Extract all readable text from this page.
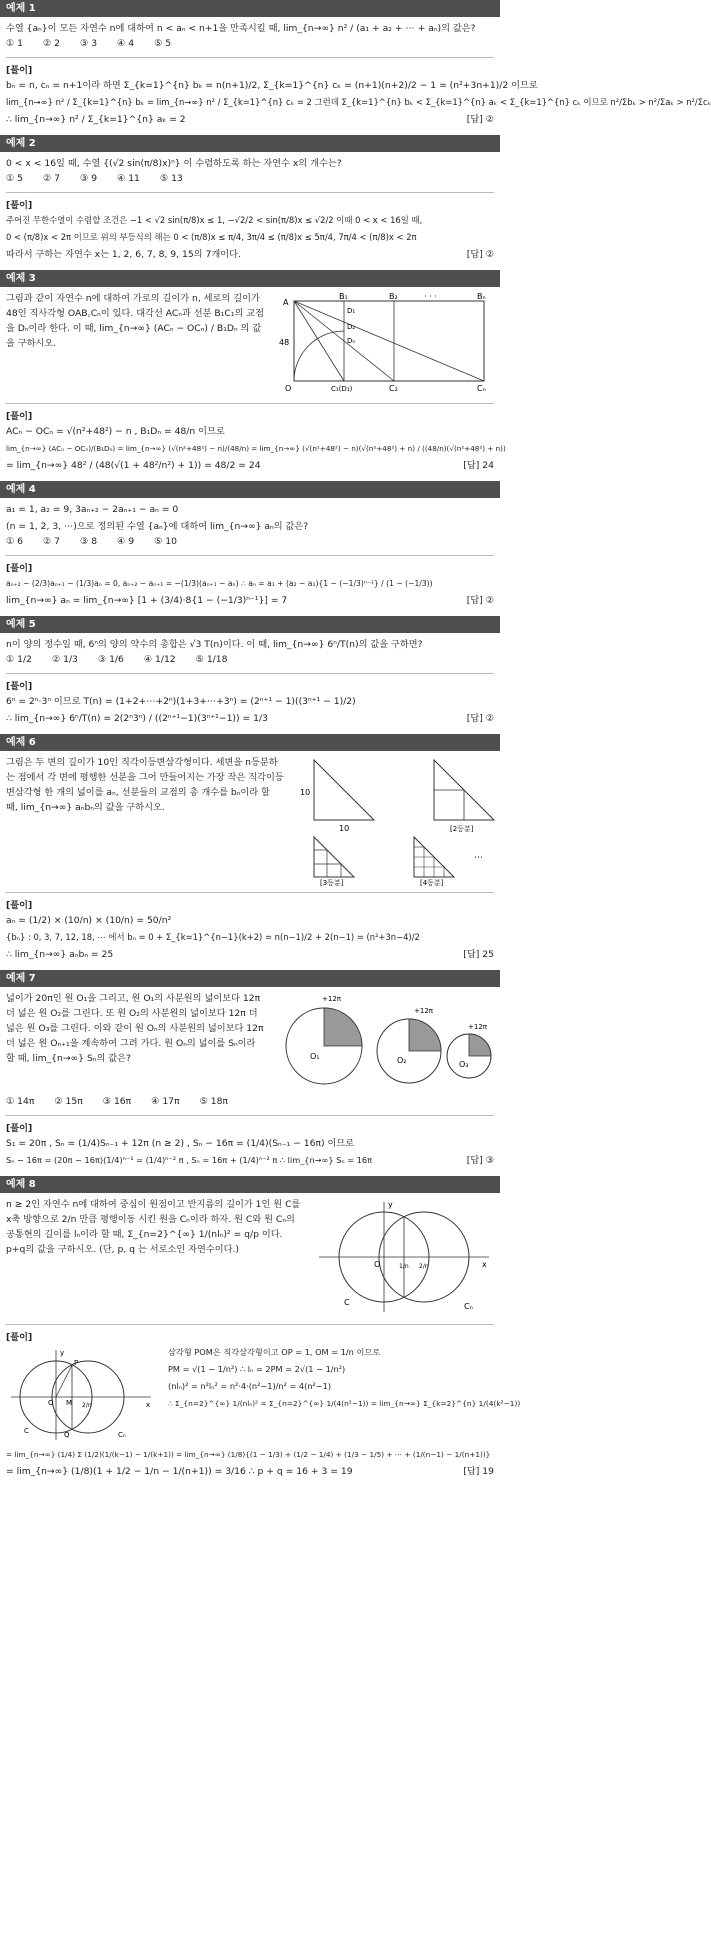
예제 1
수열 {aₙ}이 모든 자연수 n에 대하여 n < aₙ < n+1을 만족시킬 때, lim_{n→∞} n² / (a₁ + a₂ + ⋯ + aₙ)의 값은?
① 1 ② 2 ③ 3 ④ 4 ⑤ 5
[풀이]
bₙ = n, cₙ = n+1이라 하면 Σ_{k=1}^{n} bₖ = n(n+1)/2, Σ_{k=1}^{n} cₖ = (n+1)(n+2)/2 − 1 = (n²+3n+1)/2 이므로
lim_{n→∞} n² / Σ_{k=1}^{n} bₖ = lim_{n→∞} n² / Σ_{k=1}^{n} cₖ = 2 그런데 Σ_{k=1}^{n} bₖ < Σ_{k=1}^{n} aₖ < Σ_{k=1}^{n} cₖ 이므로 n²/Σbₖ > n²/Σaₖ > n²/Σcₖ
∴ lim_{n→∞} n² / Σ_{k=1}^{n} aₖ = 2	[답] ②
예제 2
0 < x < 16일 때, 수열 {(√2 sin(π/8)x)ⁿ} 이 수렴하도록 하는 자연수 x의 개수는?
① 5 ② 7 ③ 9 ④ 11 ⑤ 13
[풀이]
주어진 무한수열이 수렴할 조건은 −1 < √2 sin(π/8)x ≤ 1, −√2/2 < sin(π/8)x ≤ √2/2 이때 0 < x < 16일 때,
0 < (π/8)x < 2π 이므로 위의 부등식의 해는 0 < (π/8)x ≤ π/4, 3π/4 ≤ (π/8)x ≤ 5π/4, 7π/4 < (π/8)x < 2π
따라서 구하는 자연수 x는 1, 2, 6, 7, 8, 9, 15의 7개이다.	[답] ②
예제 3
그림과 같이 자연수 n에 대하여 가로의 길이가 n, 세로의 길이가 48인 직사각형 OAB꜀Cₙ이 있다. 대각선 ACₙ과 선분 B₁C₁의 교점을 Dₙ이라 한다. 이 때, lim_{n→∞} (ACₙ − OCₙ) / B₁Dₙ 의 값을 구하시오.
A
B₁	B₂	Bₙ
D₁
D₂
Dₙ
48
O	C₁(D₁)	C₂	Cₙ
· · ·
[풀이]
ACₙ − OCₙ = √(n²+48²) − n , B₁Dₙ = 48/n 이므로
lim_{n→∞} (ACₙ − OCₙ)/(B₁Dₙ) = lim_{n→∞} (√(n²+48²) − n)/(48/n) = lim_{n→∞} (√(n²+48²) − n)(√(n²+48²) + n) / ((48/n)(√(n²+48²) + n))
= lim_{n→∞} 48² / (48(√(1 + 48²/n²) + 1)) = 48/2 = 24	[답] 24
예제 4
a₁ = 1, a₂ = 9, 3aₙ₊₂ − 2aₙ₊₁ − aₙ = 0
(n = 1, 2, 3, ⋯)으로 정의된 수열 {aₙ}에 대하여 lim_{n→∞} aₙ의 값은?
① 6 ② 7 ③ 8 ④ 9 ⑤ 10
[풀이]
aₙ₊₂ − (2/3)aₙ₊₁ − (1/3)aₙ = 0, aₙ₊₂ − aₙ₊₁ = −(1/3)(aₙ₊₁ − aₙ) ∴ aₙ = a₁ + (a₂ − a₁){1 − (−1/3)ⁿ⁻¹} / (1 − (−1/3))
lim_{n→∞} aₙ = lim_{n→∞} [1 + (3/4)·8{1 − (−1/3)ⁿ⁻¹}] = 7	[답] ②
예제 5
n이 양의 정수일 때, 6ⁿ의 양의 약수의 총합은 √3 T(n)이다. 이 때, lim_{n→∞} 6ⁿ/T(n)의 값을 구하면?
① 1/2 ② 1/3 ③ 1/6 ④ 1/12 ⑤ 1/18
[풀이]
6ⁿ = 2ⁿ·3ⁿ 이므로 T(n) = (1+2+⋯+2ⁿ)(1+3+⋯+3ⁿ) = (2ⁿ⁺¹ − 1)((3ⁿ⁺¹ − 1)/2)
∴ lim_{n→∞} 6ⁿ/T(n) = 2(2ⁿ3ⁿ) / ((2ⁿ⁺¹−1)(3ⁿ⁺¹−1)) = 1/3	[답] ②
예제 6
그림은 두 변의 길이가 10인 직각이등변삼각형이다. 세변을 n등분하는 점에서 각 변에 평행한 선분을 그어 만들어지는 가장 작은 직각이등변삼각형 한 개의 넓이를 aₙ, 선분들의 교점의 총 개수를 bₙ이라 할 때, lim_{n→∞} aₙbₙ의 값을 구하시오.
10
10	[2등분]
[3등분]	[4등분]
⋯
[풀이]
aₙ = (1/2) × (10/n) × (10/n) = 50/n²
{bₙ} : 0, 3, 7, 12, 18, ⋯ 에서 bₙ = 0 + Σ_{k=1}^{n−1}(k+2) = n(n−1)/2 + 2(n−1) = (n²+3n−4)/2
∴ lim_{n→∞} aₙbₙ = 25	[답] 25
예제 7
넓이가 20π인 원 O₁을 그리고, 원 O₁의 사분원의 넓이보다 12π 더 넓은 원 O₂를 그린다. 또 원 O₂의 사분원의 넓이보다 12π 더 넓은 원 O₃를 그린다. 이와 같이 원 Oₙ의 사분원의 넓이보다 12π 더 넓은 원 Oₙ₊₁을 계속하여 그려 가다. 원 Oₙ의 넓이를 Sₙ이라 할 때, lim_{n→∞} Sₙ의 값은?
+12π
O₁
+12π
O₂
+12π
O₃
① 14π ② 15π ③ 16π ④ 17π ⑤ 18π
[풀이]
S₁ = 20π , Sₙ = (1/4)Sₙ₋₁ + 12π (n ≥ 2) , Sₙ − 16π = (1/4)(Sₙ₋₁ − 16π) 이므로
Sₙ − 16π = (20π − 16π)(1/4)ⁿ⁻¹ = (1/4)ⁿ⁻² π , Sₙ = 16π + (1/4)ⁿ⁻² π ∴ lim_{n→∞} Sₙ = 16π	[답] ③
예제 8
n ≥ 2인 자연수 n에 대하여 중심이 원점이고 반지름의 길이가 1인 원 C를 x축 방향으로 2/n 만큼 평행이동 시킨 원을 Cₙ이라 하자. 원 C와 원 Cₙ의 공통현의 길이를 lₙ이라 할 때, Σ_{n=2}^{∞} 1/(nlₙ)² = q/p 이다. p+q의 값을 구하시오. (단, p, q 는 서로소인 자연수이다.)
y
O	1/n 2/n	x
C	Cₙ
[풀이]
y
P
O M
C	Q	Cₙ
x
2/n
삼각형 POM은 직각삼각형이고 OP = 1, OM = 1/n 이므로
PM = √(1 − 1/n²) ∴ lₙ = 2PM = 2√(1 − 1/n²)
(nlₙ)² = n²lₙ² = n²·4·(n²−1)/n² = 4(n²−1)
∴ Σ_{n=2}^{∞} 1/(nlₙ)² = Σ_{n=2}^{∞} 1/(4(n²−1)) = lim_{n→∞} Σ_{k=2}^{n} 1/(4(k²−1))
= lim_{n→∞} (1/4) Σ (1/2)(1/(k−1) − 1/(k+1)) = lim_{n→∞} (1/8){(1 − 1/3) + (1/2 − 1/4) + (1/3 − 1/5) + ⋯ + (1/(n−1) − 1/(n+1))}
= lim_{n→∞} (1/8)(1 + 1/2 − 1/n − 1/(n+1)) = 3/16 ∴ p + q = 16 + 3 = 19	[답] 19
